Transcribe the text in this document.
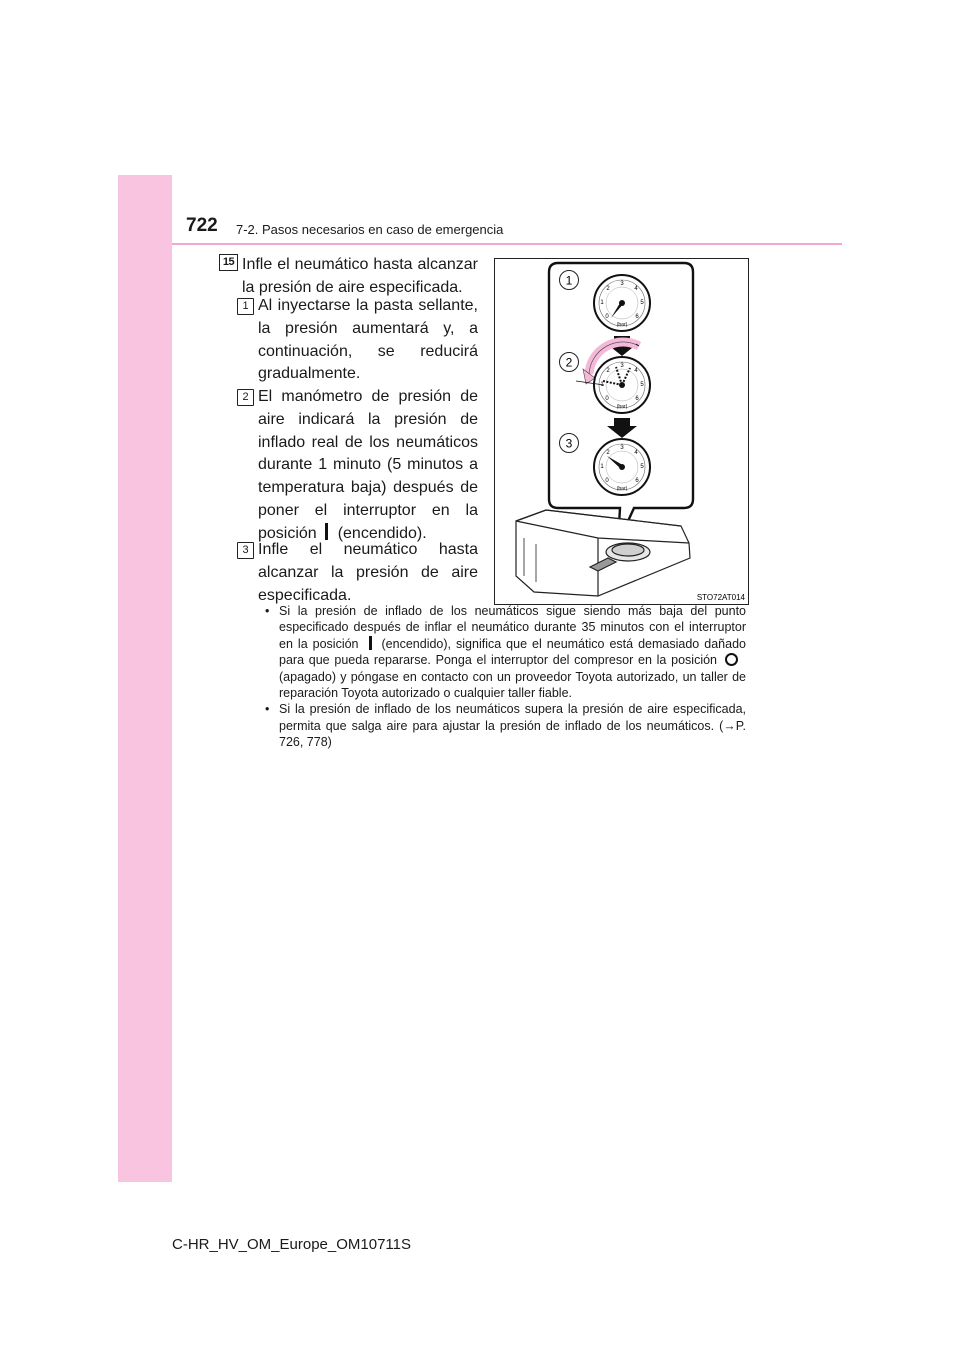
722 7-2. Pasos necesarios en caso de emergencia
15 Infle el neumático hasta alcanzar la presión de aire especificada.
1 Al inyectarse la pasta sellante, la presión aumentará y, a continuación, se reducirá gradualmente.
2 El manómetro de presión de aire indicará la presión de inflado real de los neumáticos durante 1 minuto (5 minutos a temperatura baja) después de poner el interruptor en la posición (encendido).
3 Infle el neumático hasta alcanzar la presión de aire especificada.
1
2
3
0
1
2
3
4
5
6
(bar)
0
2
3
4
5
6
(bar)
0
1
2
3
4
5
6
(bar)
STO72AT014
• Si la presión de inflado de los neumáticos sigue siendo más baja del punto especificado después de inflar el neumático durante 35 minutos con el interruptor en la posición (encendido), significa que el neumático está demasiado dañado para que pueda repararse. Ponga el interruptor del compresor en la posición(apagado) y póngase en contacto con un proveedor Toyota autorizado, un taller de reparación Toyota autorizado o cualquier taller fiable.
• Si la presión de inflado de los neumáticos supera la presión de aire especificada, permita que salga aire para ajustar la presión de inflado de los neumáticos. (→P. 726, 778)
C-HR_HV_OM_Europe_OM10711S
